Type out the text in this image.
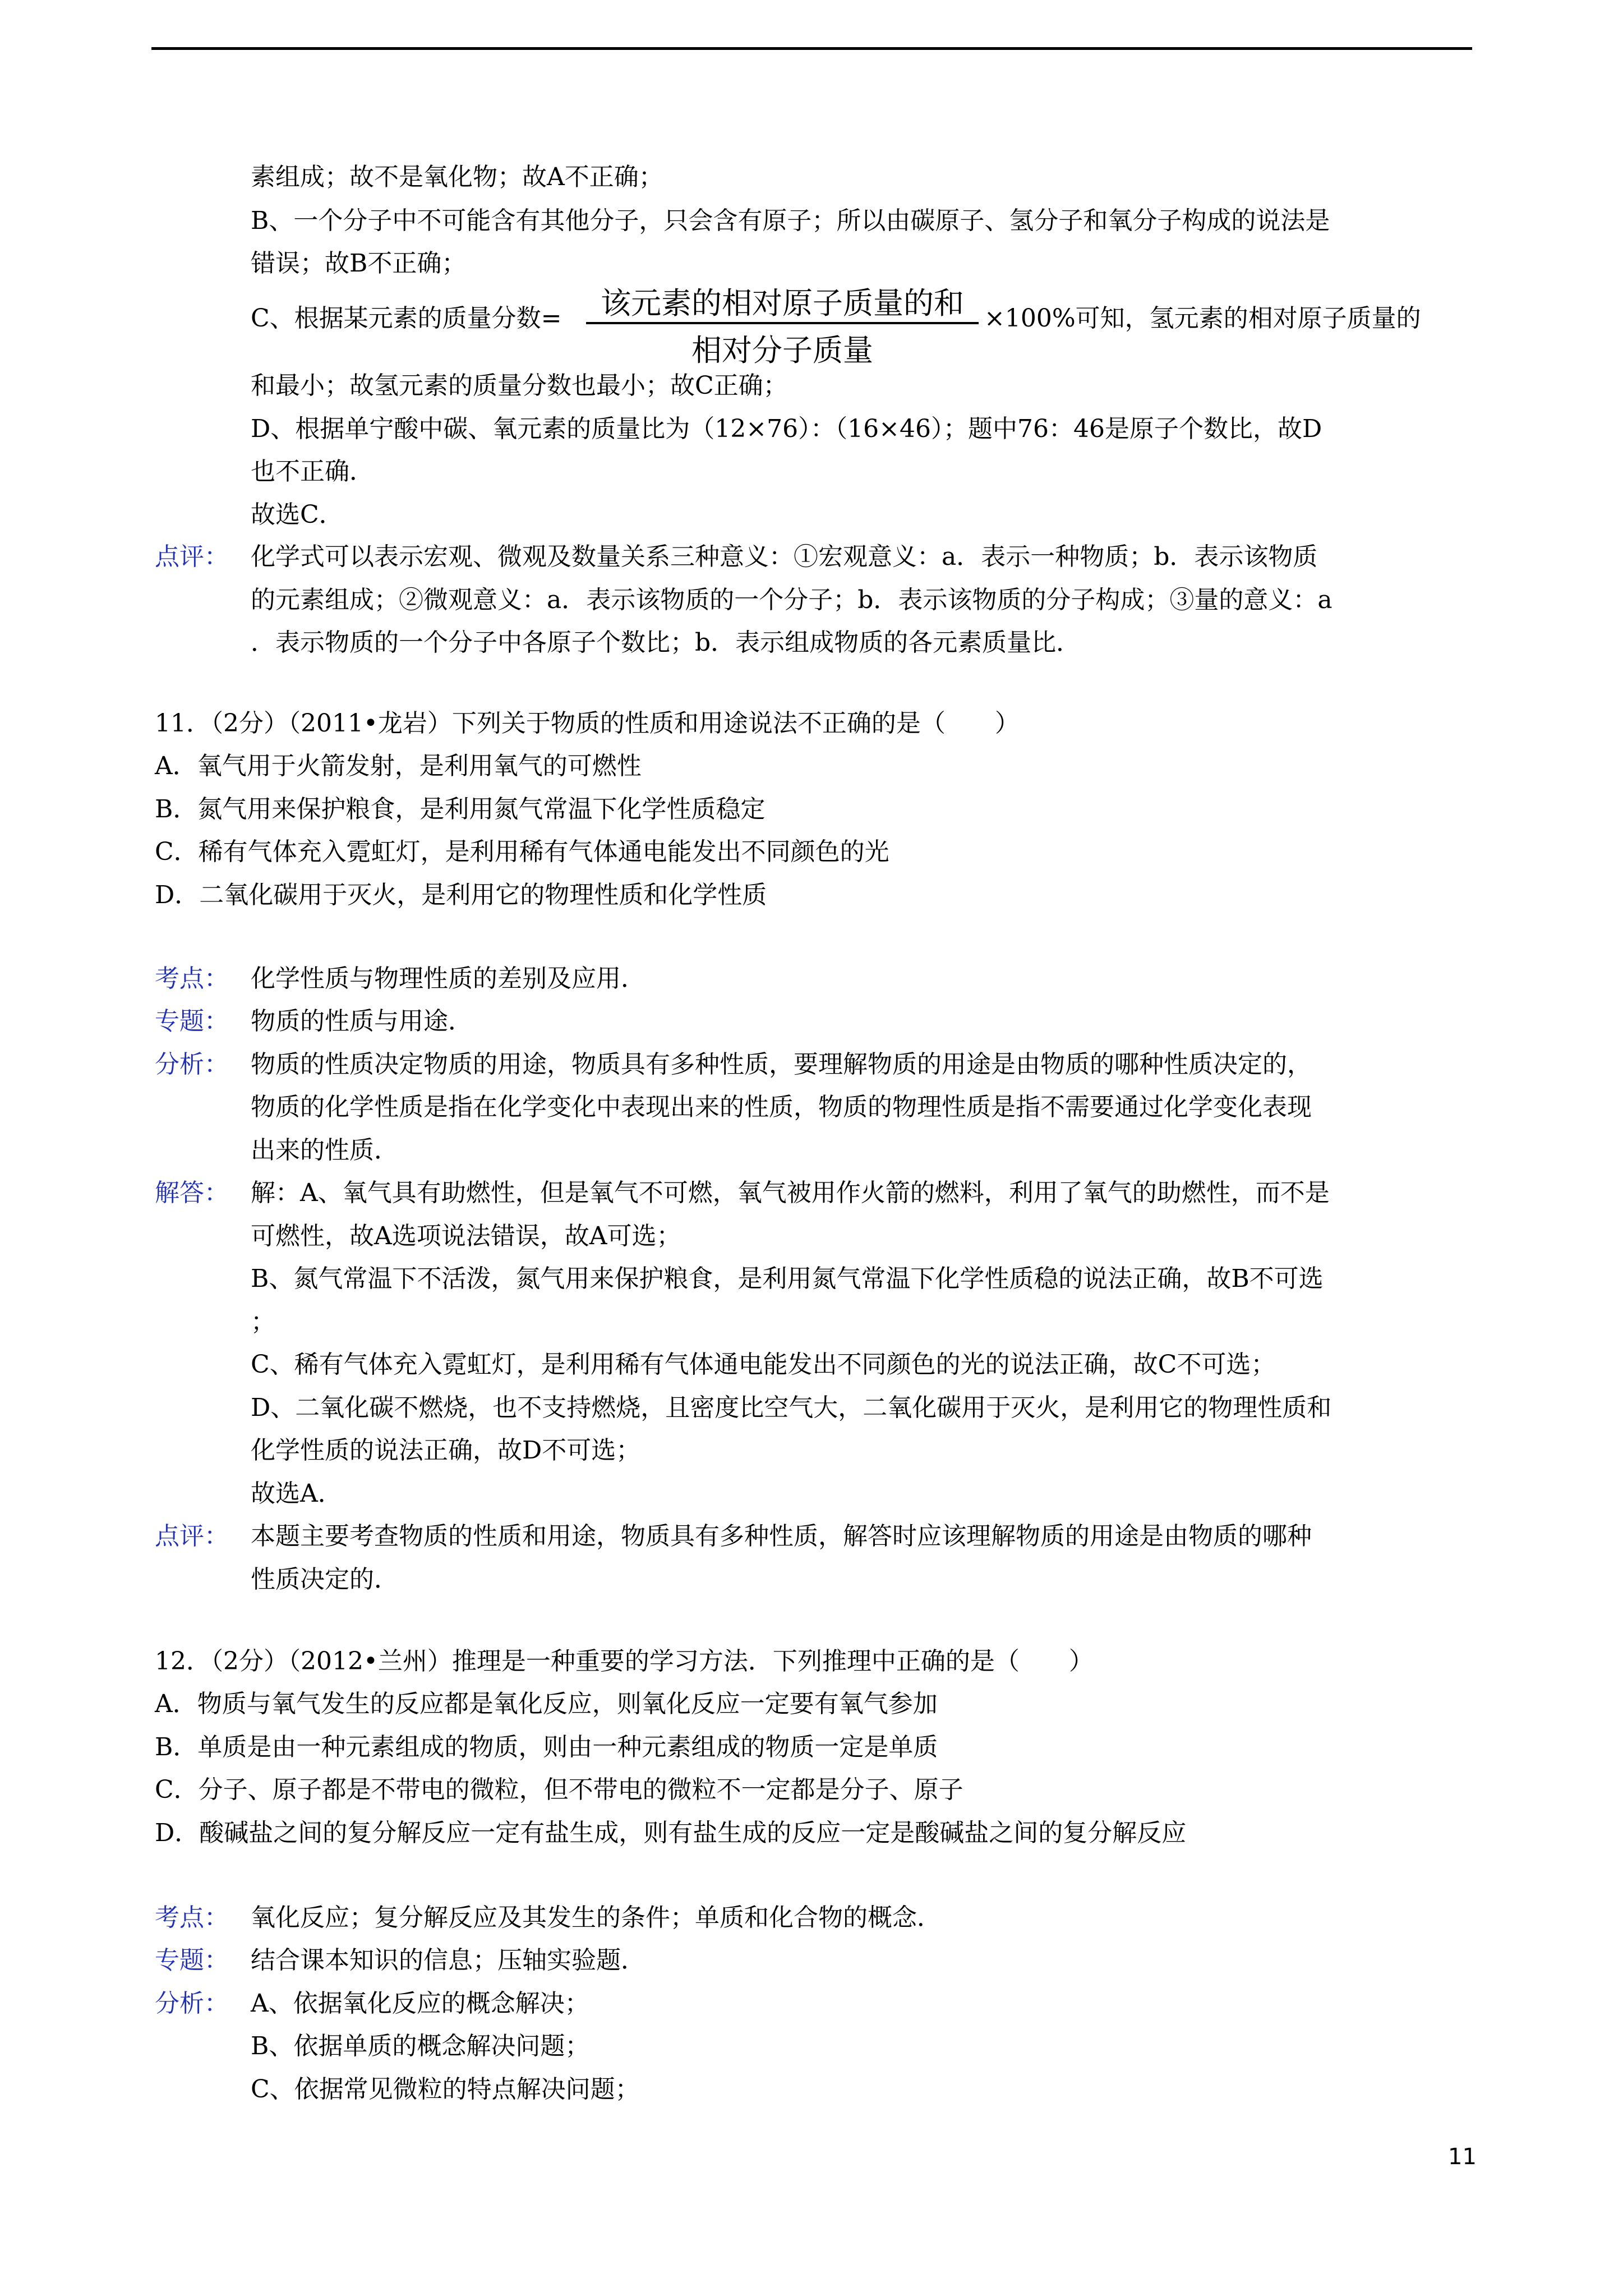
素组成；故不是氧化物；故A不正确；
B、一个分子中不可能含有其他分子，只会含有原子；所以由碳原子、氢分子和氧分子构成的说法是
错误；故B不正确；
C、根据某元素的质量分数=	该元素的相对原子质量的和
相对分子质量
×100%可知，氢元素的相对原子质量的
和最小；故氢元素的质量分数也最小；故C正确；
D、根据单宁酸中碳、氧元素的质量比为（12×76）：（16×46）；题中76：46是原子个数比，故D
也不正确．
故选C．
点评： 化学式可以表示宏观、微观及数量关系三种意义：①宏观意义：a．表示一种物质；b．表示该物质
的元素组成；②微观意义：a．表示该物质的一个分子；b．表示该物质的分子构成；③量的意义：a
．表示物质的一个分子中各原子个数比；b．表示组成物质的各元素质量比．
11．（2分）（2011•龙岩）下列关于物质的性质和用途说法不正确的是（　　）
A．氧气用于火箭发射，是利用氧气的可燃性
B．氮气用来保护粮食，是利用氮气常温下化学性质稳定
C．稀有气体充入霓虹灯，是利用稀有气体通电能发出不同颜色的光
D．二氧化碳用于灭火，是利用它的物理性质和化学性质
考点： 化学性质与物理性质的差别及应用．
专题： 物质的性质与用途．
分析： 物质的性质决定物质的用途，物质具有多种性质，要理解物质的用途是由物质的哪种性质决定的，
物质的化学性质是指在化学变化中表现出来的性质，物质的物理性质是指不需要通过化学变化表现
出来的性质．
解答： 解：A、氧气具有助燃性，但是氧气不可燃，氧气被用作火箭的燃料，利用了氧气的助燃性，而不是
可燃性，故A选项说法错误，故A可选；
B、氮气常温下不活泼，氮气用来保护粮食，是利用氮气常温下化学性质稳的说法正确，故B不可选
；
C、稀有气体充入霓虹灯，是利用稀有气体通电能发出不同颜色的光的说法正确，故C不可选；
D、二氧化碳不燃烧，也不支持燃烧，且密度比空气大，二氧化碳用于灭火，是利用它的物理性质和
化学性质的说法正确，故D不可选；
故选A．
点评： 本题主要考查物质的性质和用途，物质具有多种性质，解答时应该理解物质的用途是由物质的哪种
性质决定的．
12．（2分）（2012•兰州）推理是一种重要的学习方法．下列推理中正确的是（　　）
A．物质与氧气发生的反应都是氧化反应，则氧化反应一定要有氧气参加
B．单质是由一种元素组成的物质，则由一种元素组成的物质一定是单质
C．分子、原子都是不带电的微粒，但不带电的微粒不一定都是分子、原子
D．酸碱盐之间的复分解反应一定有盐生成，则有盐生成的反应一定是酸碱盐之间的复分解反应
考点： 氧化反应；复分解反应及其发生的条件；单质和化合物的概念．
专题： 结合课本知识的信息；压轴实验题．
分析： A、依据氧化反应的概念解决；
B、依据单质的概念解决问题；
C、依据常见微粒的特点解决问题；
11
